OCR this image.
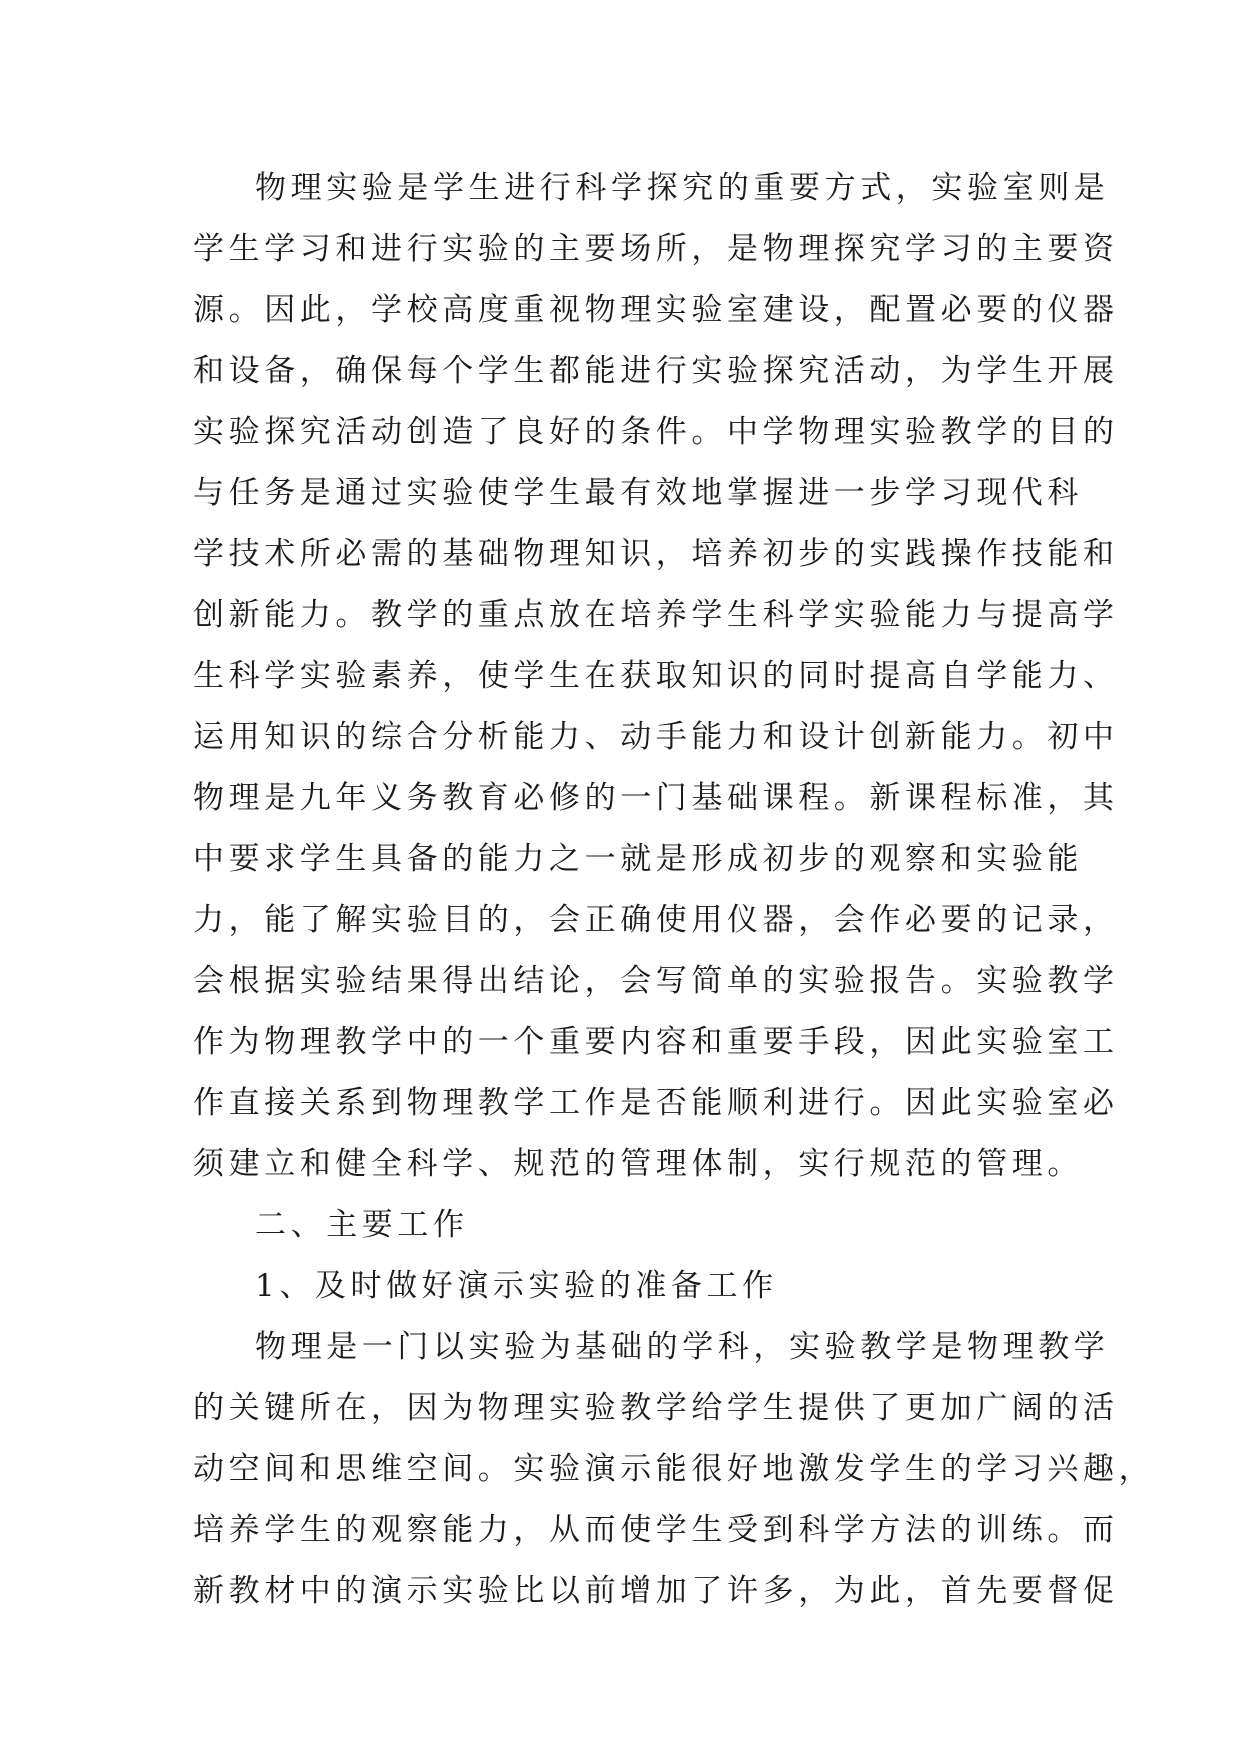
物理实验是学生进行科学探究的重要方式，实验室则是
学生学习和进行实验的主要场所，是物理探究学习的主要资
源。因此，学校高度重视物理实验室建设，配置必要的仪器
和设备，确保每个学生都能进行实验探究活动，为学生开展
实验探究活动创造了良好的条件。中学物理实验教学的目的
与任务是通过实验使学生最有效地掌握进一步学习现代科
学技术所必需的基础物理知识，培养初步的实践操作技能和
创新能力。教学的重点放在培养学生科学实验能力与提高学
生科学实验素养，使学生在获取知识的同时提高自学能力、
运用知识的综合分析能力、动手能力和设计创新能力。初中
物理是九年义务教育必修的一门基础课程。新课程标准，其
中要求学生具备的能力之一就是形成初步的观察和实验能
力，能了解实验目的，会正确使用仪器，会作必要的记录，
会根据实验结果得出结论，会写简单的实验报告。实验教学
作为物理教学中的一个重要内容和重要手段，因此实验室工
作直接关系到物理教学工作是否能顺利进行。因此实验室必
须建立和健全科学、规范的管理体制，实行规范的管理。
二、主要工作
1、及时做好演示实验的准备工作
物理是一门以实验为基础的学科，实验教学是物理教学
的关键所在，因为物理实验教学给学生提供了更加广阔的活
动空间和思维空间。实验演示能很好地激发学生的学习兴趣，
培养学生的观察能力，从而使学生受到科学方法的训练。而
新教材中的演示实验比以前增加了许多，为此，首先要督促
